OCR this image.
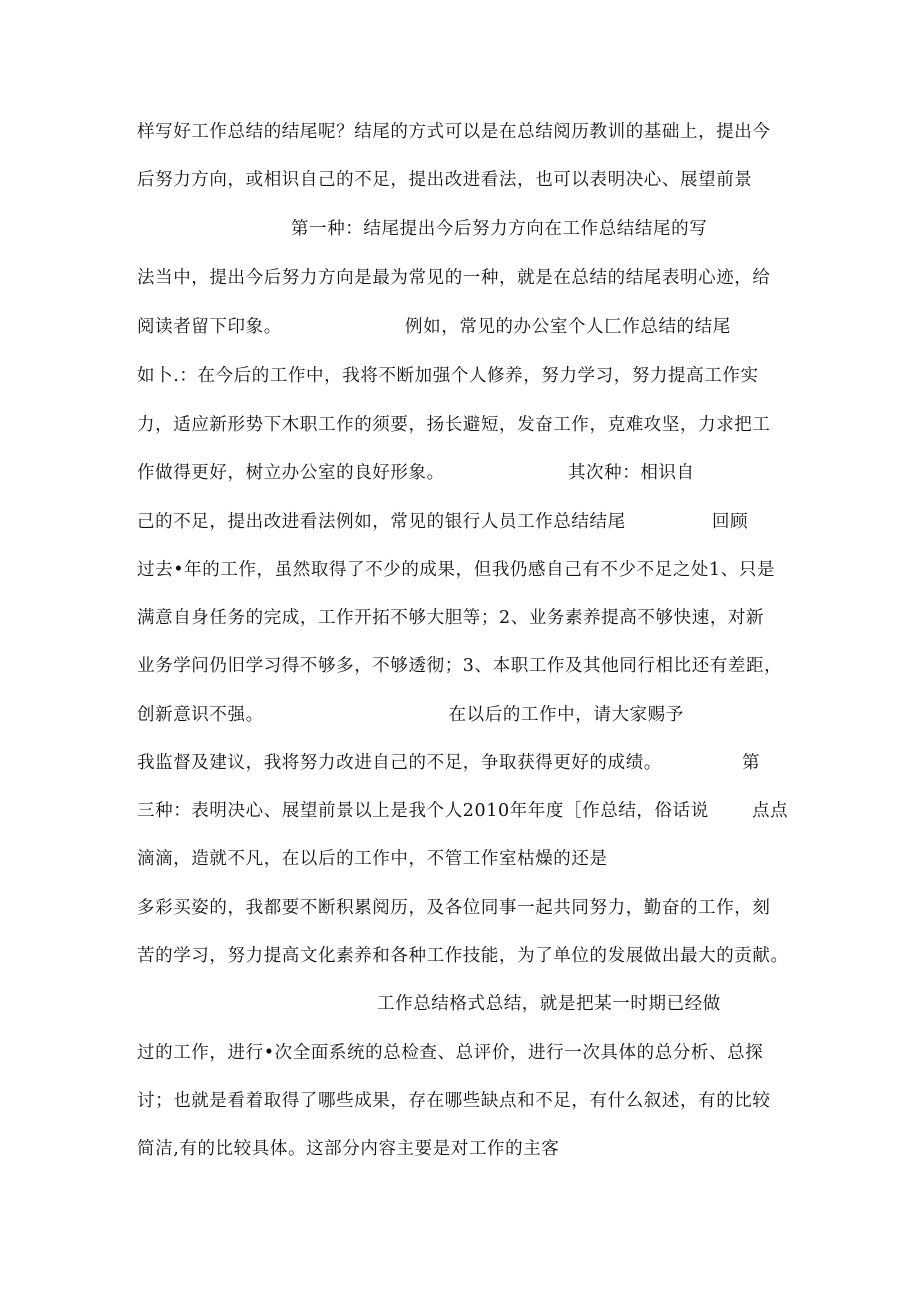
样写好工作总结的结尾呢？结尾的方式可以是在总结阅历教训的基础上，提出今
后努力方向，或相识自己的不足，提出改进看法，也可以表明决心、展望前景
第一种：结尾提出今后努力方向在工作总结结尾的写
法当中，提出今后努力方向是最为常见的一种，就是在总结的结尾表明心迹，给
阅读者留下印象。                    例如，常见的办公室个人匚作总结的结尾
如卜.：在今后的工作中，我将不断加强个人修养，努力学习，努力提高工作实
力，适应新形势下木职工作的须要，扬长避短，发奋工作，克难攻坚，力求把工
作做得更好，树立办公室的良好形象。                    其次种：相识自
己的不足，提出改进看法例如，常见的银行人员工作总结结尾              回顾
过去•年的工作，虽然取得了不少的成果，但我仍感自己有不少不足之处1、只是
满意自身任务的完成，工作开拓不够大胆等；2、业务素养提高不够快速，对新
业务学问仍旧学习得不够多，不够透彻；3、本职工作及其他同行相比还有差距，
创新意识不强。                              在以后的工作中，请大家赐予
我监督及建议，我将努力改进自己的不足，争取获得更好的成绩。             第
三种：表明决心、展望前景以上是我个人2010年年度［作总结，俗话说       点点
滴滴，造就不凡，在以后的工作中，不管工作室枯燥的还是
多彩买姿的，我都要不断积累阅历，及各位同事一起共同努力，勤奋的工作，刻
苦的学习，努力提高文化素养和各种工作技能，为了单位的发展做出最大的贡献。
工作总结格式总结，就是把某一时期已经做
过的工作，进行•次全面系统的总检查、总评价，进行一次具体的总分析、总探
讨；也就是看着取得了哪些成果，存在哪些缺点和不足，有什么叙述，有的比较
简洁,有的比较具体。这部分内容主要是对工作的主客
